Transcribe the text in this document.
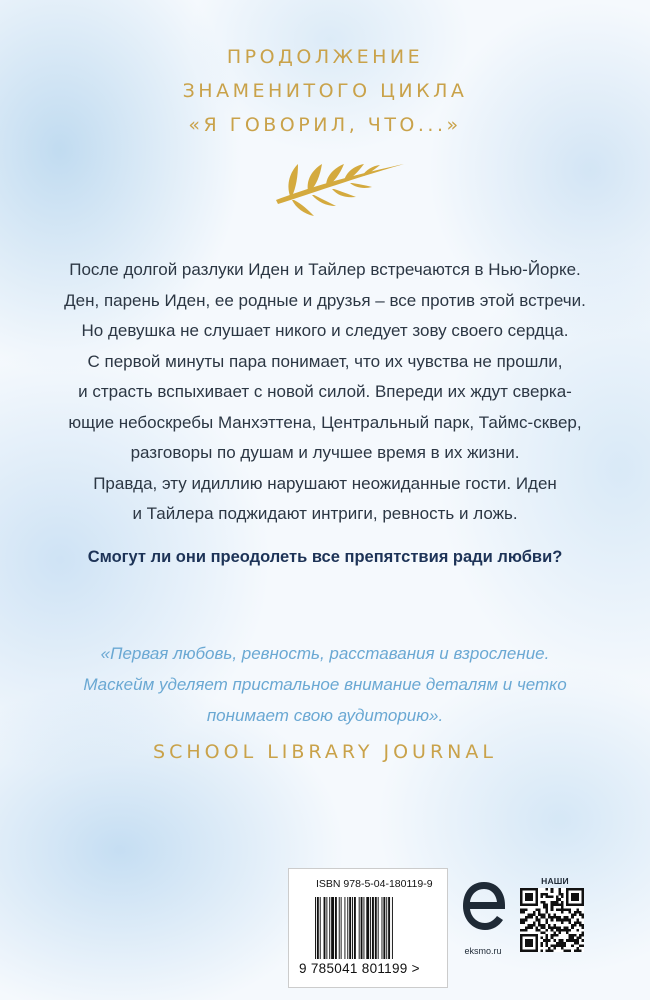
ПРОДОЛЖЕНИЕ
ЗНАМЕНИТОГО ЦИКЛА
«Я ГОВОРИЛ, ЧТО...»
После долгой разлуки Иден и Тайлер встречаются в Нью-Йорке.
Ден, парень Иден, ее родные и друзья – все против этой встречи.
Но девушка не слушает никого и следует зову своего сердца.
С первой минуты пара понимает, что их чувства не прошли,
и страсть вспыхивает с новой силой. Впереди их ждут сверка-
ющие небоскребы Манхэттена, Центральный парк, Таймс-сквер,
разговоры по душам и лучшее время в их жизни.
Правда, эту идиллию нарушают неожиданные гости. Иден
и Тайлера поджидают интриги, ревность и ложь.
Смогут ли они преодолеть все препятствия ради любви?
«Первая любовь, ревность, расставания и взросление.
Маскейм уделяет пристальное внимание деталям и четко
понимает свою аудиторию».
SCHOOL LIBRARY JOURNAL
ISBN 978-5-04-180119-9
9 785041 801199 >
eksmo.ru
НАШИ
